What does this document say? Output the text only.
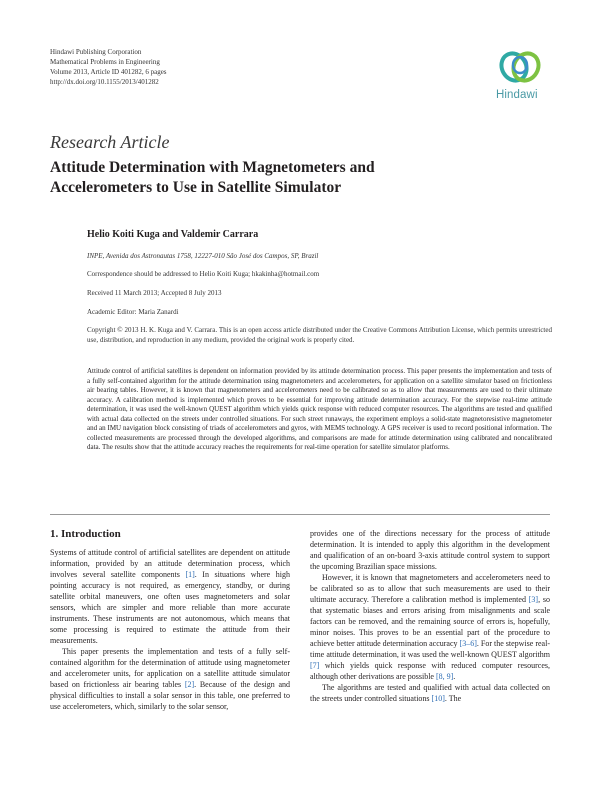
Hindawi Publishing Corporation
Mathematical Problems in Engineering
Volume 2013, Article ID 401282, 6 pages
http://dx.doi.org/10.1155/2013/401282
Hindawi
Research Article
Attitude Determination with Magnetometers and
Accelerometers to Use in Satellite Simulator
Helio Koiti Kuga and Valdemir Carrara
INPE, Avenida dos Astronautas 1758, 12227-010 São José dos Campos, SP, Brazil
Correspondence should be addressed to Helio Koiti Kuga; hkakinha@hotmail.com
Received 11 March 2013; Accepted 8 July 2013
Academic Editor: Maria Zanardi
Copyright © 2013 H. K. Kuga and V. Carrara. This is an open access article distributed under the Creative Commons Attribution License, which permits unrestricted use, distribution, and reproduction in any medium, provided the original work is properly cited.
Attitude control of artificial satellites is dependent on information provided by its attitude determination process. This paper presents the implementation and tests of a fully self-contained algorithm for the attitude determination using magnetometers and accelerometers, for application on a satellite simulator based on frictionless air bearing tables. However, it is known that magnetometers and accelerometers need to be calibrated so as to allow that measurements are used to their ultimate accuracy. A calibration method is implemented which proves to be essential for improving attitude determination accuracy. For the stepwise real-time attitude determination, it was used the well-known QUEST algorithm which yields quick response with reduced computer resources. The algorithms are tested and qualified with actual data collected on the streets under controlled situations. For such street runaways, the experiment employs a solid-state magnetoresistive magnetometer and an IMU navigation block consisting of triads of accelerometers and gyros, with MEMS technology. A GPS receiver is used to record positional information. The collected measurements are processed through the developed algorithms, and comparisons are made for attitude determination using calibrated and noncalibrated data. The results show that the attitude accuracy reaches the requirements for real-time operation for satellite simulator platforms.
1. Introduction

Systems of attitude control of artificial satellites are dependent on attitude information, provided by an attitude determination process, which involves several satellite components [1]. In situations where high pointing accuracy is not required, as emergency, standby, or during satellite orbital maneuvers, one often uses magnetometers and solar sensors, which are simpler and more reliable than more accurate instruments. These instruments are not autonomous, which means that some processing is required to estimate the attitude from their measurements.

This paper presents the implementation and tests of a fully self-contained algorithm for the determination of attitude using magnetometer and accelerometer units, for application on a satellite attitude simulator based on frictionless air bearing tables [2]. Because of the design and physical difficulties to install a solar sensor in this table, one preferred to use accelerometers, which, similarly to the solar sensor,

provides one of the directions necessary for the process of attitude determination. It is intended to apply this algorithm in the development and qualification of an on-board 3-axis attitude control system to support the upcoming Brazilian space missions.

However, it is known that magnetometers and accelerometers need to be calibrated so as to allow that such measurements are used to their ultimate accuracy. Therefore a calibration method is implemented [3], so that systematic biases and errors arising from misalignments and scale factors can be removed, and the remaining source of errors is, hopefully, minor noises. This proves to be an essential part of the procedure to achieve better attitude determination accuracy [3–6]. For the stepwise real-time attitude determination, it was used the well-known QUEST algorithm [7] which yields quick response with reduced computer resources, although other derivations are possible [8, 9].

The algorithms are tested and qualified with actual data collected on the streets under controlled situations [10]. The
